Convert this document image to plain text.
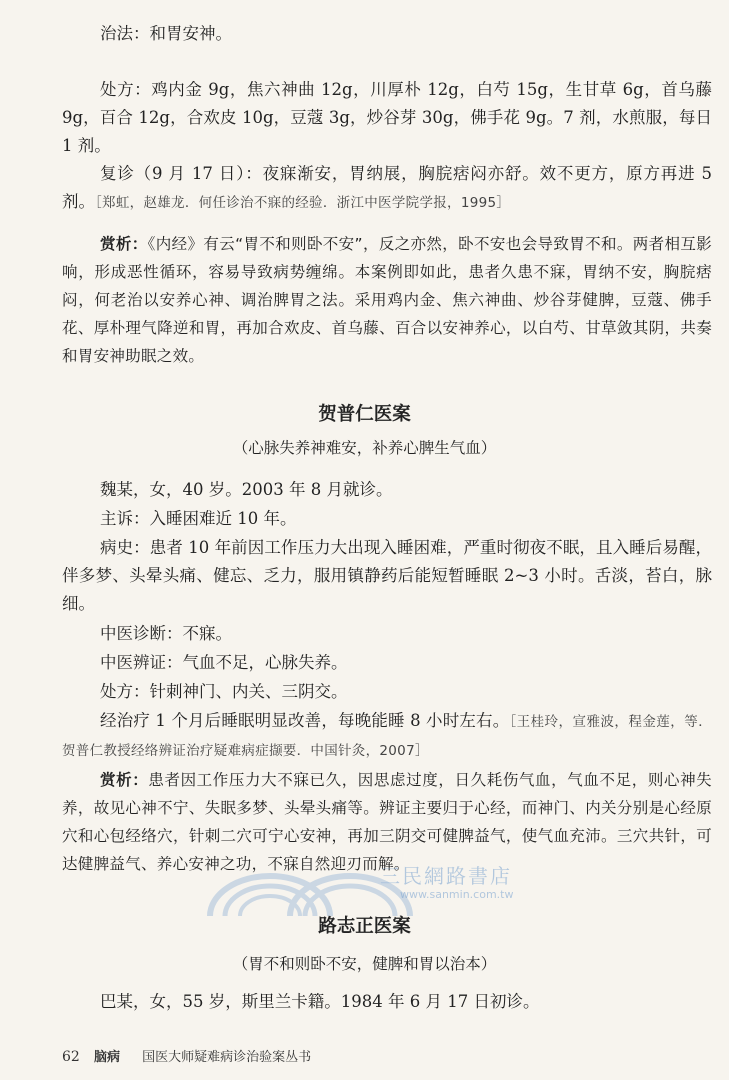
治法：和胃安神。

处方：鸡内金 9g，焦六神曲 12g，川厚朴 12g，白芍 15g，生甘草 6g，首乌藤 9g，百合 12g，合欢皮 10g，豆蔻 3g，炒谷芽 30g，佛手花 9g。7 剂，水煎服，每日 1 剂。

复诊（9 月 17 日）：夜寐渐安，胃纳展，胸脘痞闷亦舒。效不更方，原方再进 5 剂。［郑虹，赵雄龙．何任诊治不寐的经验．浙江中医学院学报，1995］

赏析：《内经》有云“胃不和则卧不安”，反之亦然，卧不安也会导致胃不和。两者相互影响，形成恶性循环，容易导致病势缠绵。本案例即如此，患者久患不寐，胃纳不安，胸脘痞闷，何老治以安养心神、调治脾胃之法。采用鸡内金、焦六神曲、炒谷芽健脾，豆蔻、佛手花、厚朴理气降逆和胃，再加合欢皮、首乌藤、百合以安神养心，以白芍、甘草敛其阴，共奏和胃安神助眠之效。

贺普仁医案

（心脉失养神难安，补养心脾生气血）

魏某，女，40 岁。2003 年 8 月就诊。

主诉：入睡困难近 10 年。

病史：患者 10 年前因工作压力大出现入睡困难，严重时彻夜不眠，且入睡后易醒，伴多梦、头晕头痛、健忘、乏力，服用镇静药后能短暂睡眠 2~3 小时。舌淡，苔白，脉细。

中医诊断：不寐。

中医辨证：气血不足，心脉失养。

处方：针刺神门、内关、三阴交。

经治疗 1 个月后睡眠明显改善，每晚能睡 8 小时左右。［王桂玲，宣雅波，程金莲，等．贺普仁教授经络辨证治疗疑难病症撷要．中国针灸，2007］

赏析：患者因工作压力大不寐已久，因思虑过度，日久耗伤气血，气血不足，则心神失养，故见心神不宁、失眠多梦、头晕头痛等。辨证主要归于心经，而神门、内关分别是心经原穴和心包经络穴，针刺二穴可宁心安神，再加三阴交可健脾益气，使气血充沛。三穴共针，可达健脾益气、养心安神之功，不寐自然迎刃而解。

三民網路書店
www.sanmin.com.tw
路志正医案

（胃不和则卧不安，健脾和胃以治本）

巴某，女，55 岁，斯里兰卡籍。1984 年 6 月 17 日初诊。

62 脑病 国医大师疑难病诊治验案丛书
